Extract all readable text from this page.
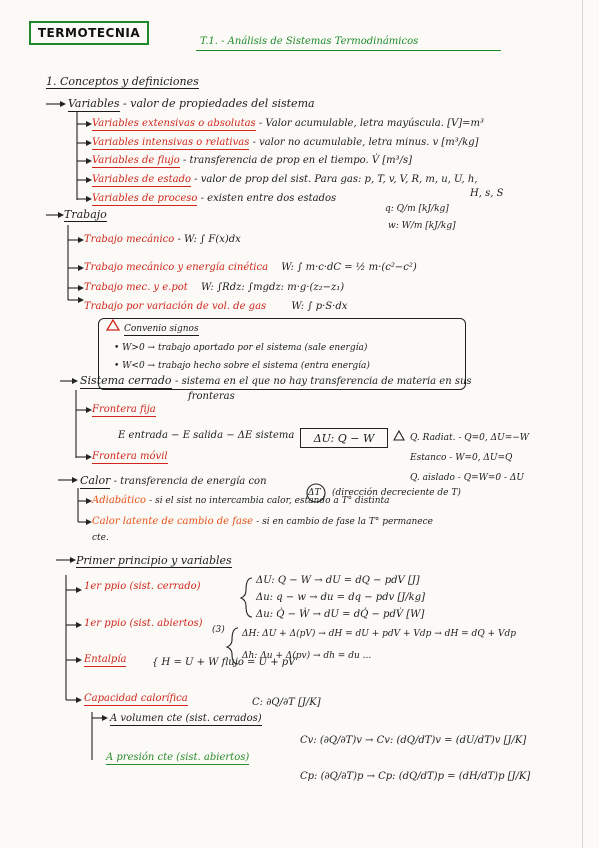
TERMOTECNIA
T.1. - Análisis de Sistemas Termodinámicos
1. Conceptos y definiciones
Variables - valor de propiedades del sistema
Variables extensivas o absolutas - Valor acumulable, letra mayúscula. [V]=m³
Variables intensivas o relativas - valor no acumulable, letra minus. v [m³/kg]
Variables de flujo - transferencia de prop en el tiempo. V̇ [m³/s]
Variables de estado - valor de prop del sist. Para gas: p, T, v, V, R, m, u, U, h,
H, s, S
Variables de proceso - existen entre dos estados
q: Q/m [kJ/kg]
w: W/m [kJ/kg]
Trabajo
Trabajo mecánico - W: ∫ F(x)dx
Trabajo mecánico y energía cinética W: ∫ m·c·dC = ½ m·(c²−c²)
Trabajo mec. y e.pot W: ∫Rdz: ∫mgdz: m·g·(z₂−z₁)
Trabajo por variación de vol. de gas	W: ∫ p·S·dx
Convenio signos
• W>0 → trabajo aportado por el sistema (sale energía)
• W<0 → trabajo hecho sobre el sistema (entra energía)
Sistema cerrado - sistema en el que no hay transferencia de materia en sus
fronteras
Frontera fija
E entrada − E salida − ΔE sistema	ΔU: Q − W	Q. Radiat. - Q=0, ΔU=−W
Estanco - W=0, ΔU=Q
Q. aislado - Q=W=0 - ΔU
Frontera móvil
Calor - transferencia de energía con
ΔT (dirección decreciente de T)
Adiabático - si el sist no intercambia calor, estando a T° distinta
Calor latente de cambio de fase - si en cambio de fase la T° permanece
cte.
Primer principio y variables
1er ppio (sist. cerrado)
ΔU: Q − W → dU = dQ − pdV [J]
Δu: q − w → du = dq − pdv [J/kg]
Δu: Q̇ − Ẇ → dU = dQ̇ − pdV̇ [W]
1er ppio (sist. abiertos)
(3) ΔH: ΔU + Δ(pV) → dH = dU + pdV + Vdp → dH = dQ + Vdp
Δh: Δu + Δ(pv) → dh = du ...
Entalpía	{ H = U + W flujo = U + pV
Capacidad calorífica	C: ∂Q/∂T [J/K]
A volumen cte (sist. cerrados)
Cv: (∂Q/∂T)v → Cv: (dQ/dT)v = (dU/dT)v [J/K]
A presión cte (sist. abiertos)
Cp: (∂Q/∂T)p → Cp: (dQ/dT)p = (dH/dT)p [J/K]
